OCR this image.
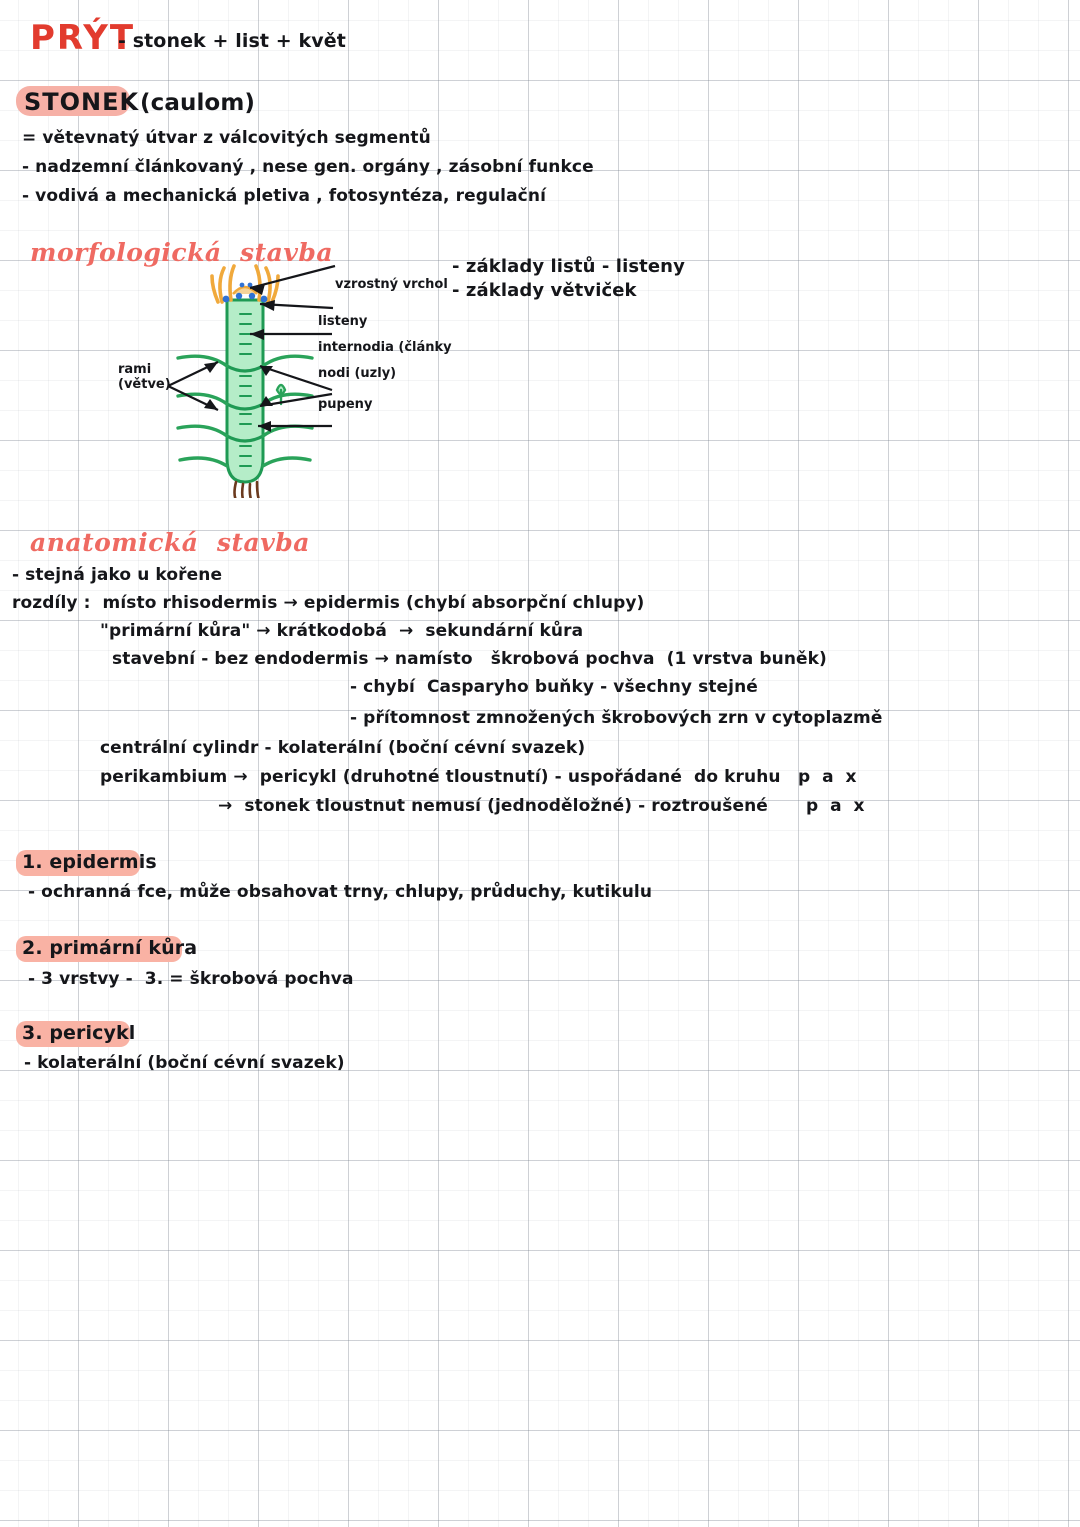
PRÝT
- stonek + list + květ
STONEK (caulom)
= větevnatý útvar z válcovitých segmentů
- nadzemní článkovaný , nese gen. orgány , zásobní funkce
- vodivá a mechanická pletiva , fotosyntéza, regulační
morfologická  stavba	- základy listů - listeny
- základy větviček
vzrostný vrchol
listeny
internodia (články
nodi (uzly)
pupeny
rami
(větve)
anatomická  stavba
- stejná jako u kořene
rozdíly :  místo rhisodermis → epidermis (chybí absorpční chlupy)
"primární kůra" → krátkodobá  →  sekundární kůra
stavební - bez endodermis → namísto   škrobová pochva  (1 vrstva buněk)
- chybí  Casparyho buňky - všechny stejné
- přítomnost zmnožených škrobových zrn v cytoplazmě
centrální cylindr - kolaterální (boční cévní svazek)
perikambium →  pericykl (druhotné tloustnutí) - uspořádané  do kruhu
→  stonek tloustnut nemusí (jednoděložné) - roztroušené
p a x
p a x
1. epidermis
- ochranná fce, může obsahovat trny, chlupy, průduchy, kutikulu
2. primární kůra
- 3 vrstvy -  3. = škrobová pochva
3. pericykl
- kolaterální (boční cévní svazek)
